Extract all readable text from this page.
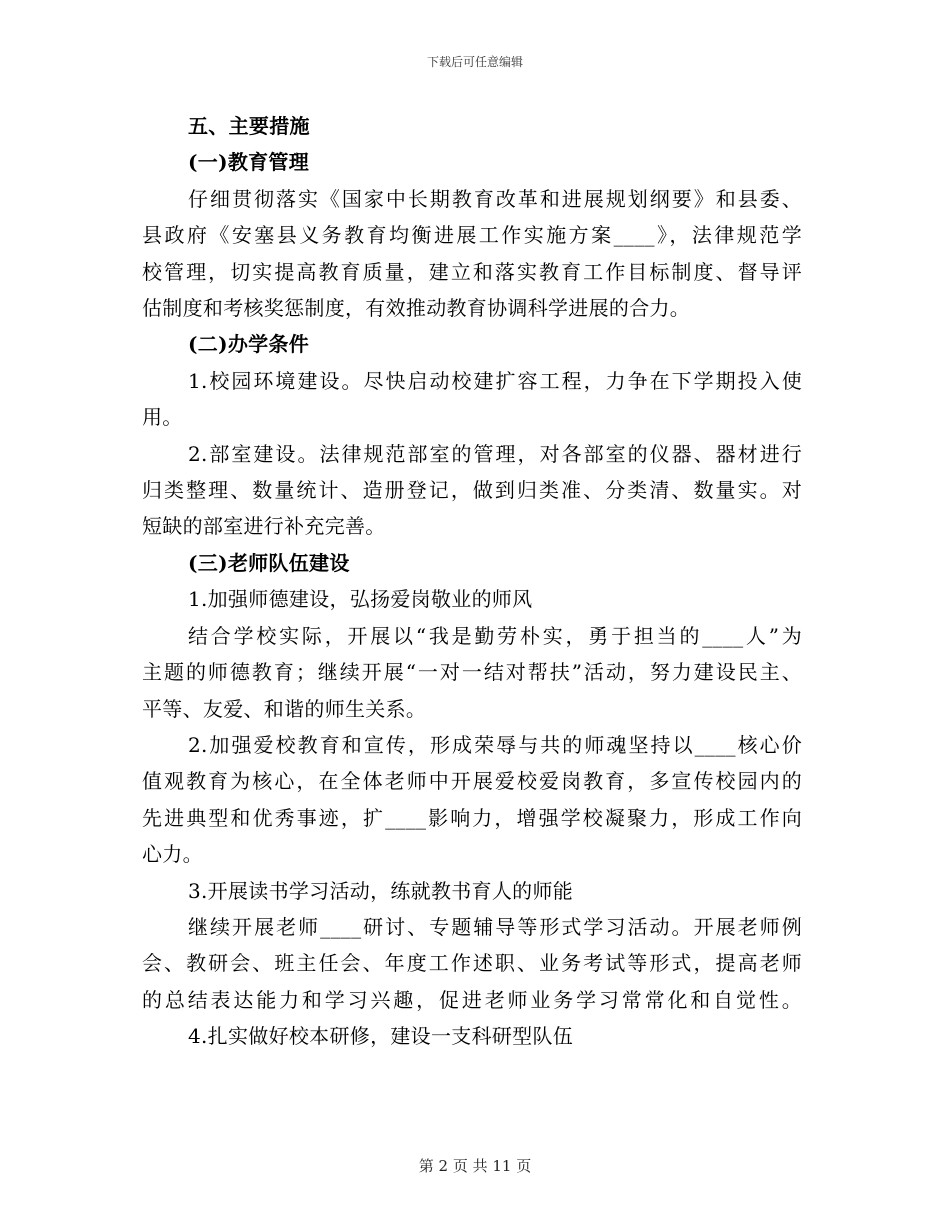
下载后可任意编辑
五、主要措施
(一)教育管理
仔细贯彻落实《国家中长期教育改革和进展规划纲要》和县委、
县政府《安塞县义务教育均衡进展工作实施方案____》，法律规范学
校管理，切实提高教育质量，建立和落实教育工作目标制度、督导评
估制度和考核奖惩制度，有效推动教育协调科学进展的合力。
(二)办学条件
1.校园环境建设。尽快启动校建扩容工程，力争在下学期投入使
用。
2.部室建设。法律规范部室的管理，对各部室的仪器、器材进行
归类整理、数量统计、造册登记，做到归类准、分类清、数量实。对
短缺的部室进行补充完善。
(三)老师队伍建设
1.加强师德建设，弘扬爱岗敬业的师风
结合学校实际，开展以“我是勤劳朴实，勇于担当的____人”为
主题的师德教育；继续开展“一对一结对帮扶”活动，努力建设民主、
平等、友爱、和谐的师生关系。
2.加强爱校教育和宣传，形成荣辱与共的师魂坚持以____核心价
值观教育为核心，在全体老师中开展爱校爱岗教育，多宣传校园内的
先进典型和优秀事迹，扩____影响力，增强学校凝聚力，形成工作向
心力。
3.开展读书学习活动，练就教书育人的师能
继续开展老师____研讨、专题辅导等形式学习活动。开展老师例
会、教研会、班主任会、年度工作述职、业务考试等形式，提高老师
的总结表达能力和学习兴趣，促进老师业务学习常常化和自觉性。
4.扎实做好校本研修，建设一支科研型队伍
第 2 页 共 11 页
